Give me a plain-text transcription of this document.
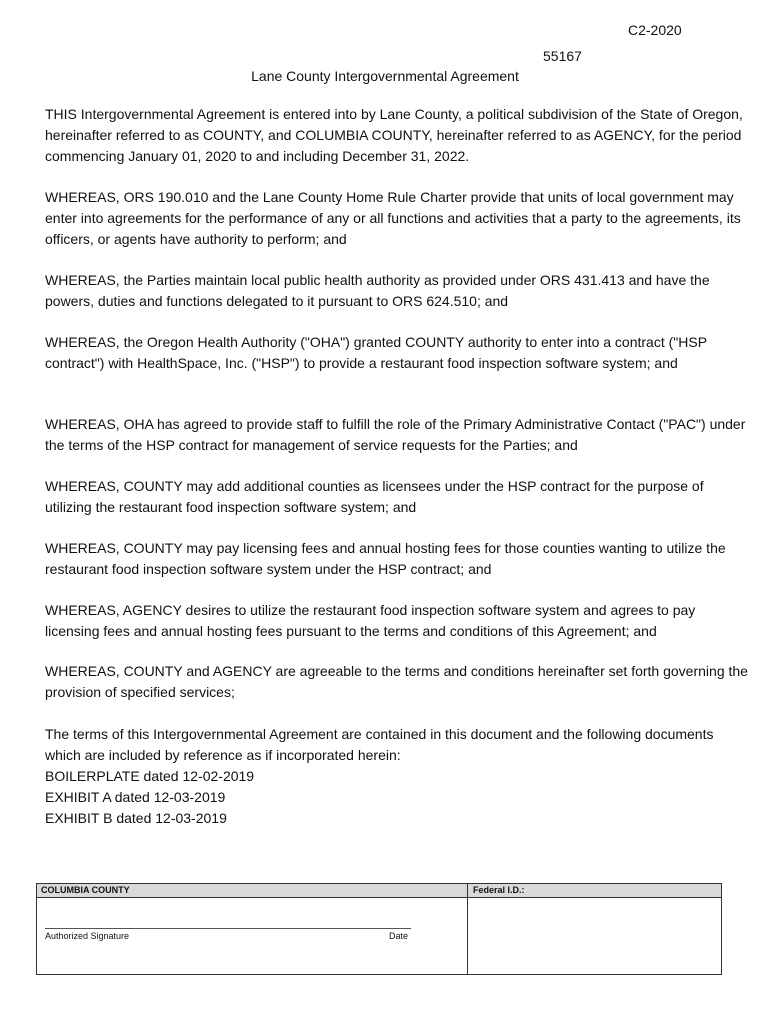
C2-2020
55167
Lane County Intergovernmental Agreement
THIS Intergovernmental Agreement is entered into by Lane County, a political subdivision of the State of Oregon, hereinafter referred to as COUNTY, and COLUMBIA COUNTY, hereinafter referred to as AGENCY, for the period commencing January 01, 2020 to and including December 31, 2022.
WHEREAS, ORS 190.010 and the Lane County Home Rule Charter provide that units of local government may enter into agreements for the performance of any or all functions and activities that a party to the agreements, its officers, or agents have authority to perform; and
WHEREAS, the Parties maintain local public health authority as provided under ORS 431.413 and have the powers, duties and functions delegated to it pursuant to ORS 624.510; and
WHEREAS, the Oregon Health Authority ("OHA") granted COUNTY authority to enter into a contract ("HSP contract") with HealthSpace, Inc. ("HSP") to provide a restaurant food inspection software system; and
WHEREAS, OHA has agreed to provide staff to fulfill the role of the Primary Administrative Contact ("PAC") under the terms of the HSP contract for management of service requests for the Parties; and
WHEREAS, COUNTY may add additional counties as licensees under the HSP contract for the purpose of utilizing the restaurant food inspection software system; and
WHEREAS, COUNTY may pay licensing fees and annual hosting fees for those counties wanting to utilize the restaurant food inspection software system under the HSP contract; and
WHEREAS, AGENCY desires to utilize the restaurant food inspection software system and agrees to pay licensing fees and annual hosting fees pursuant to the terms and conditions of this Agreement; and
WHEREAS, COUNTY and AGENCY are agreeable to the terms and conditions hereinafter set forth governing the provision of specified services;
The terms of this Intergovernmental Agreement are contained in this document and the following documents which are included by reference as if incorporated herein:
BOILERPLATE dated 12-02-2019
EXHIBIT A dated 12-03-2019
EXHIBIT B dated 12-03-2019
COLUMBIA COUNTY	Federal I.D.:
Authorized Signature	Date
